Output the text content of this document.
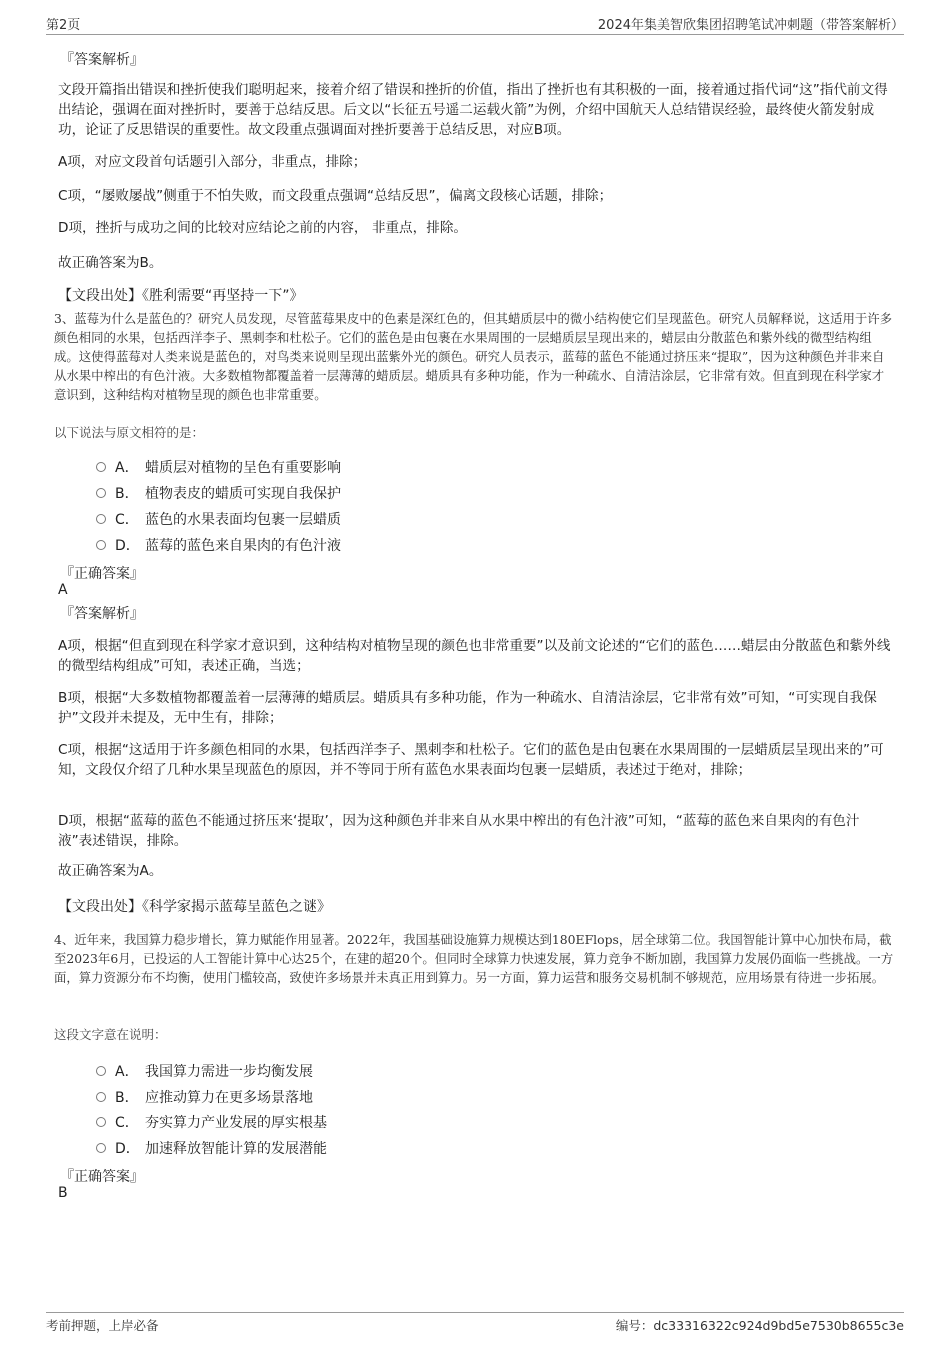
第2页	2024年集美智欣集团招聘笔试冲刺题（带答案解析）
『答案解析』
文段开篇指出错误和挫折使我们聪明起来，接着介绍了错误和挫折的价值，指出了挫折也有其积极的一面，接着通过指代词“这”指代前文得出结论，强调在面对挫折时，要善于总结反思。后文以“长征五号遥二运载火箭”为例，介绍中国航天人总结错误经验，最终使火箭发射成功，论证了反思错误的重要性。故文段重点强调面对挫折要善于总结反思，对应B项。
A项，对应文段首句话题引入部分，非重点，排除；
C项，“屡败屡战”侧重于不怕失败，而文段重点强调“总结反思”，偏离文段核心话题，排除；
D项，挫折与成功之间的比较对应结论之前的内容， 非重点，排除。
故正确答案为B。
【文段出处】《胜利需要“再坚持一下”》
3、蓝莓为什么是蓝色的？研究人员发现，尽管蓝莓果皮中的色素是深红色的，但其蜡质层中的微小结构使它们呈现蓝色。研究人员解释说，这适用于许多颜色相同的水果，包括西洋李子、黑刺李和杜松子。它们的蓝色是由包裹在水果周围的一层蜡质层呈现出来的，蜡层由分散蓝色和紫外线的微型结构组成。这使得蓝莓对人类来说是蓝色的，对鸟类来说则呈现出蓝紫外光的颜色。研究人员表示，蓝莓的蓝色不能通过挤压来“提取”，因为这种颜色并非来自从水果中榨出的有色汁液。大多数植物都覆盖着一层薄薄的蜡质层。蜡质具有多种功能，作为一种疏水、自清洁涂层，它非常有效。但直到现在科学家才意识到，这种结构对植物呈现的颜色也非常重要。
以下说法与原文相符的是：
A． 蜡质层对植物的呈色有重要影响
B． 植物表皮的蜡质可实现自我保护
C． 蓝色的水果表面均包裹一层蜡质
D． 蓝莓的蓝色来自果肉的有色汁液
『正确答案』
A
『答案解析』
A项，根据“但直到现在科学家才意识到，这种结构对植物呈现的颜色也非常重要”以及前文论述的“它们的蓝色……蜡层由分散蓝色和紫外线的微型结构组成”可知，表述正确，当选；
B项，根据“大多数植物都覆盖着一层薄薄的蜡质层。蜡质具有多种功能，作为一种疏水、自清洁涂层，它非常有效”可知，“可实现自我保护”文段并未提及，无中生有，排除；
C项，根据“这适用于许多颜色相同的水果，包括西洋李子、黑刺李和杜松子。它们的蓝色是由包裹在水果周围的一层蜡质层呈现出来的”可知，文段仅介绍了几种水果呈现蓝色的原因，并不等同于所有蓝色水果表面均包裹一层蜡质，表述过于绝对，排除；
D项，根据“蓝莓的蓝色不能通过挤压来‘提取’，因为这种颜色并非来自从水果中榨出的有色汁液”可知，“蓝莓的蓝色来自果肉的有色汁液”表述错误，排除。
故正确答案为A。
【文段出处】《科学家揭示蓝莓呈蓝色之谜》
4、近年来，我国算力稳步增长，算力赋能作用显著。2022年，我国基础设施算力规模达到180EFlops，居全球第二位。我国智能计算中心加快布局，截至2023年6月，已投运的人工智能计算中心达25个，在建的超20个。但同时全球算力快速发展，算力竞争不断加剧，我国算力发展仍面临一些挑战。一方面，算力资源分布不均衡，使用门槛较高，致使许多场景并未真正用到算力。另一方面，算力运营和服务交易机制不够规范，应用场景有待进一步拓展。
这段文字意在说明：
A． 我国算力需进一步均衡发展
B． 应推动算力在更多场景落地
C． 夯实算力产业发展的厚实根基
D． 加速释放智能计算的发展潜能
『正确答案』
B
考前押题，上岸必备	编号：dc33316322c924d9bd5e7530b8655c3e
